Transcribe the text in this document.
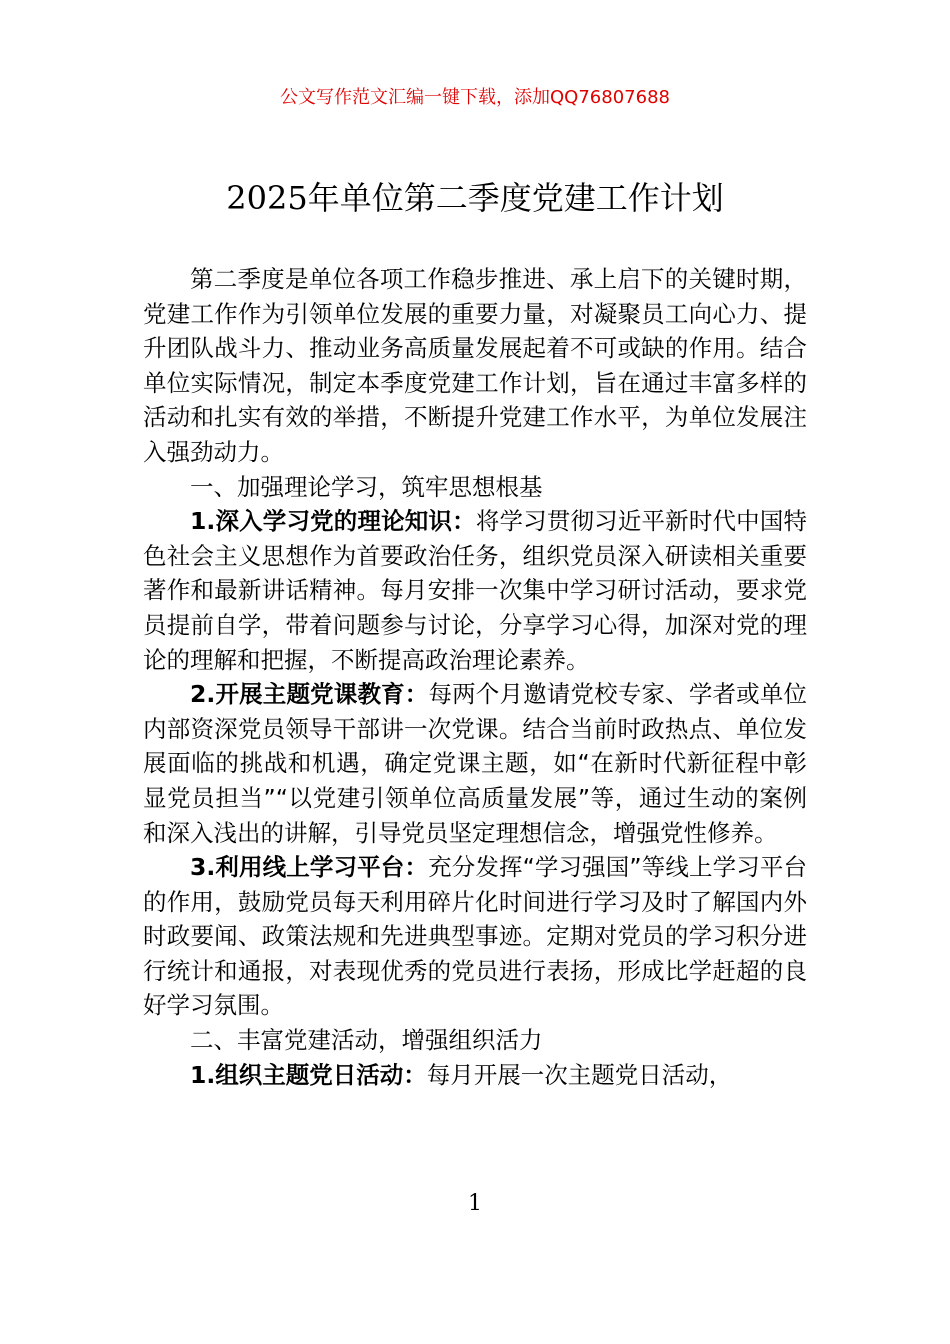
公文写作范文汇编一键下载，添加QQ76807688
2025年单位第二季度党建工作计划

第二季度是单位各项工作稳步推进、承上启下的关键时期，党建工作作为引领单位发展的重要力量，对凝聚员工向心力、提升团队战斗力、推动业务高质量发展起着不可或缺的作用。结合单位实际情况，制定本季度党建工作计划，旨在通过丰富多样的活动和扎实有效的举措，不断提升党建工作水平，为单位发展注入强劲动力。

一、加强理论学习，筑牢思想根基

1.深入学习党的理论知识：将学习贯彻习近平新时代中国特色社会主义思想作为首要政治任务，组织党员深入研读相关重要著作和最新讲话精神。每月安排一次集中学习研讨活动，要求党员提前自学，带着问题参与讨论，分享学习心得，加深对党的理论的理解和把握，不断提高政治理论素养。

2.开展主题党课教育：每两个月邀请党校专家、学者或单位内部资深党员领导干部讲一次党课。结合当前时政热点、单位发展面临的挑战和机遇，确定党课主题，如“在新时代新征程中彰显党员担当”“以党建引领单位高质量发展”等，通过生动的案例和深入浅出的讲解，引导党员坚定理想信念，增强党性修养。

3.利用线上学习平台：充分发挥“学习强国”等线上学习平台的作用，鼓励党员每天利用碎片化时间进行学习及时了解国内外时政要闻、政策法规和先进典型事迹。定期对党员的学习积分进行统计和通报，对表现优秀的党员进行表扬，形成比学赶超的良好学习氛围。

二、丰富党建活动，增强组织活力

1.组织主题党日活动：每月开展一次主题党日活动，

1
